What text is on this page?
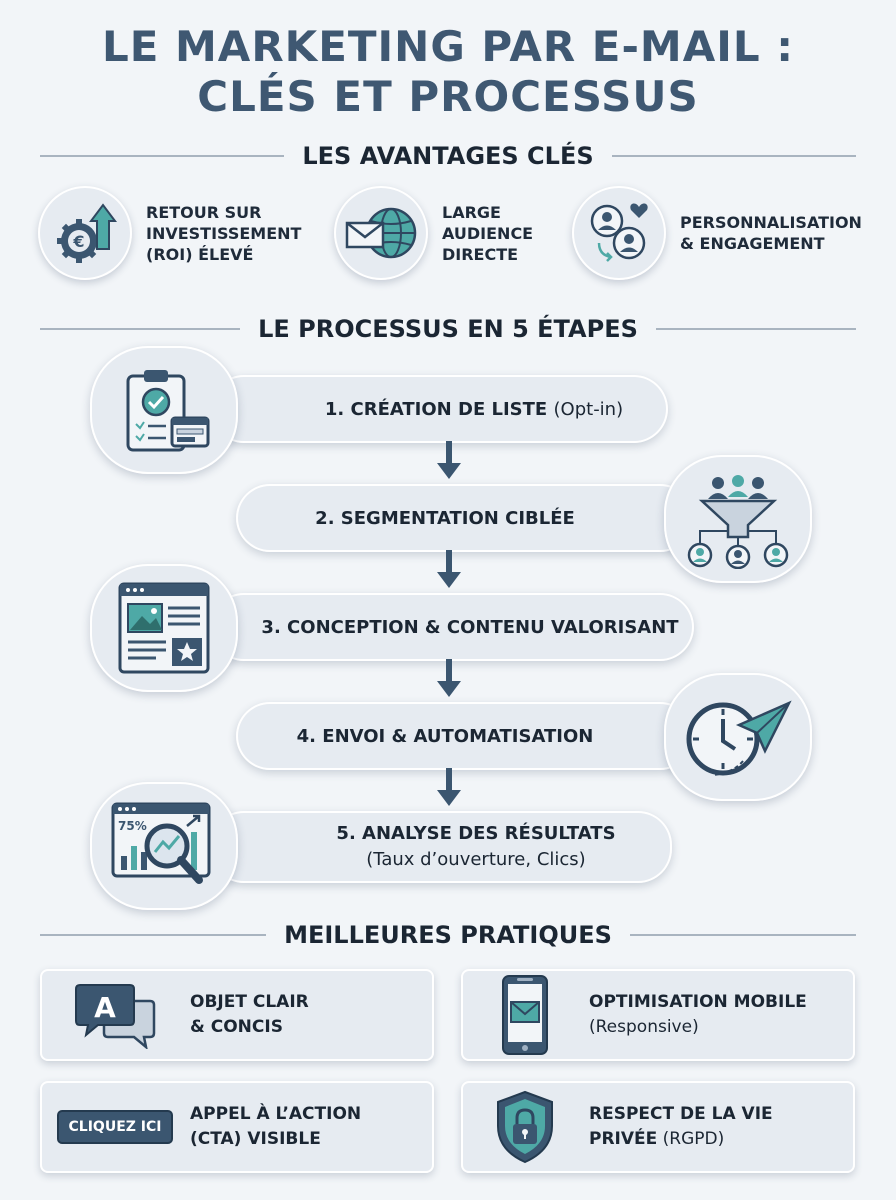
LE MARKETING PAR E-MAIL :
CLÉS ET PROCESSUS
LES AVANTAGES CLÉS
€
RETOUR SUR
INVESTISSEMENT
(ROI) ÉLEVÉ
LARGE
AUDIENCE
DIRECTE
PERSONNALISATION
& ENGAGEMENT
LE PROCESSUS EN 5 ÉTAPES
1. CRÉATION DE LISTE (Opt-in)
2. SEGMENTATION CIBLÉE
3. CONCEPTION & CONTENU VALORISANT
4. ENVOI & AUTOMATISATION
5. ANALYSE DES RÉSULTATS
(Taux d’ouverture, Clics)
75%
MEILLEURES PRATIQUES
A	OBJET CLAIR
& CONCIS
OPTIMISATION MOBILE
(Responsive)
CLIQUEZ ICI
APPEL À L’ACTION
(CTA) VISIBLE
RESPECT DE LA VIE
PRIVÉE (RGPD)
